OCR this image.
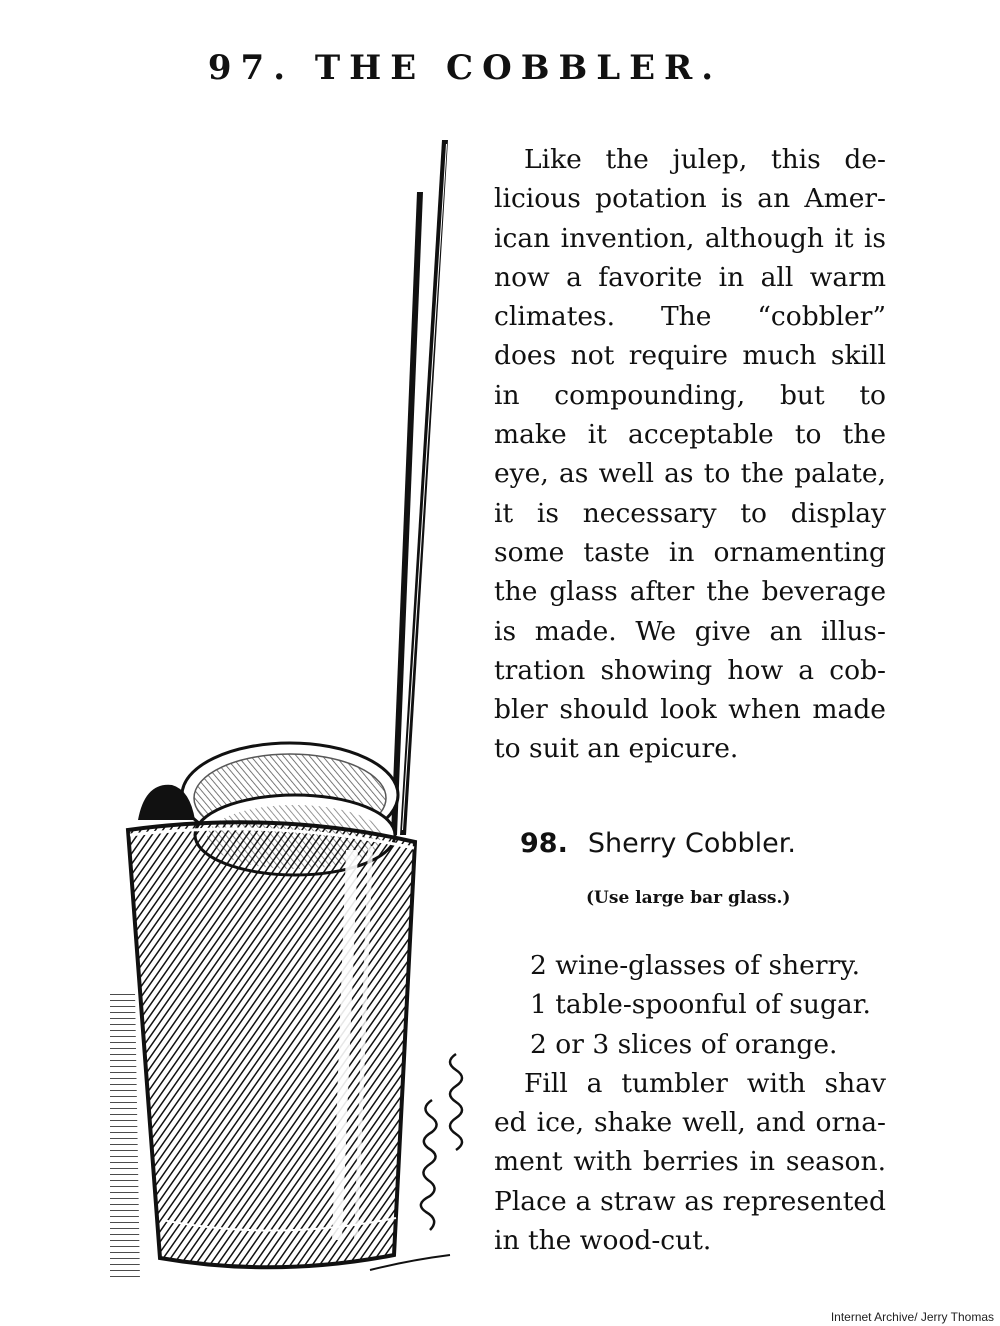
97. THE COBBLER.
Like the julep, this de-
licious potation is an Amer-
ican invention, although it is
now a favorite in all warm
climates. The “cobbler”
does not require much skill
in compounding, but to
make it acceptable to the
eye, as well as to the palate,
it is necessary to display
some taste in ornamenting
the glass after the beverage
is made. We give an illus-
tration showing how a cob-
bler should look when made
to suit an epicure.
98. Sherry Cobbler.
(Use large bar glass.)
2 wine-glasses of sherry.
1 table-spoonful of sugar.
2 or 3 slices of orange.
Fill a tumbler with shav
ed ice, shake well, and orna-
ment with berries in season.
Place a straw as represented
in the wood-cut.
Internet Archive/ Jerry Thomas
